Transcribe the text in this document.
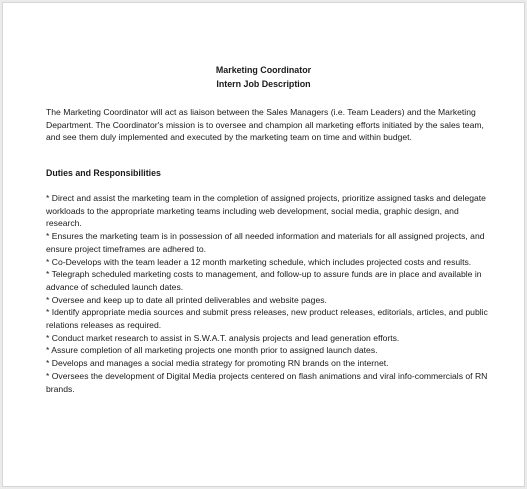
Marketing Coordinator
Intern Job Description
The Marketing Coordinator will act as liaison between the Sales Managers (i.e. Team Leaders) and the Marketing Department. The Coordinator's mission is to oversee and champion all marketing efforts initiated by the sales team, and see them duly implemented and executed by the marketing team on time and within budget.
Duties and Responsibilities

* Direct and assist the marketing team in the completion of assigned projects, prioritize assigned tasks and delegate workloads to the appropriate marketing teams including web development, social media, graphic design, and research.

* Ensures the marketing team is in possession of all needed information and materials for all assigned projects, and ensure project timeframes are adhered to.

* Co-Develops with the team leader a 12 month marketing schedule, which includes projected costs and results.

* Telegraph scheduled marketing costs to management, and follow-up to assure funds are in place and available in advance of scheduled launch dates.

* Oversee and keep up to date all printed deliverables and website pages.

* Identify appropriate media sources and submit press releases, new product releases, editorials, articles, and public relations releases as required.

* Conduct market research to assist in S.W.A.T. analysis projects and lead generation efforts.

* Assure completion of all marketing projects one month prior to assigned launch dates.

* Develops and manages a social media strategy for promoting RN brands on the internet.

* Oversees the development of Digital Media projects centered on flash animations and viral info-commercials of RN brands.
